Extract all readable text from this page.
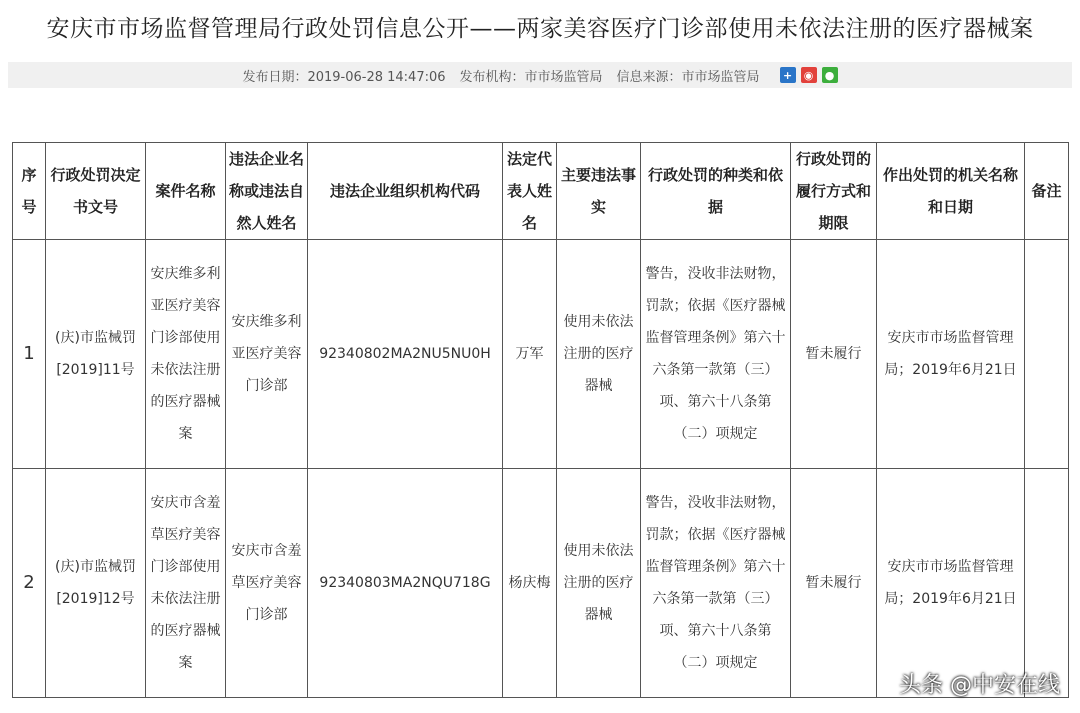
安庆市市场监督管理局行政处罚信息公开——两家美容医疗门诊部使用未依法注册的医疗器械案
发布日期：2019-06-28 14:47:06 发布机构：市市场监管局 信息来源：市市场监管局	+	◉ ●
序号	行政处罚决定书文号	案件名称	违法企业名称或违法自然人姓名	违法企业组织机构代码	法定代表人姓名	主要违法事实	行政处罚的种类和依据	行政处罚的履行方式和期限	作出处罚的机关名称和日期	备注
1	(庆)市监械罚[2019]11号	安庆维多利亚医疗美容门诊部使用未依法注册的医疗器械案	安庆维多利亚医疗美容门诊部	92340802MA2NU5NU0H	万军	使用未依法注册的医疗器械	警告，没收非法财物，罚款；依据《医疗器械监督管理条例》第六十六条第一款第（三）项、第六十八条第（二）项规定	暂未履行	安庆市市场监督管理局；2019年6月21日	
2	(庆)市监械罚[2019]12号	安庆市含羞草医疗美容门诊部使用未依法注册的医疗器械案	安庆市含羞草医疗美容门诊部	92340803MA2NQU718G	杨庆梅	使用未依法注册的医疗器械	警告，没收非法财物，罚款；依据《医疗器械监督管理条例》第六十六条第一款第（三）项、第六十八条第（二）项规定	暂未履行	安庆市市场监督管理局；2019年6月21日	
头条 @中安在线
